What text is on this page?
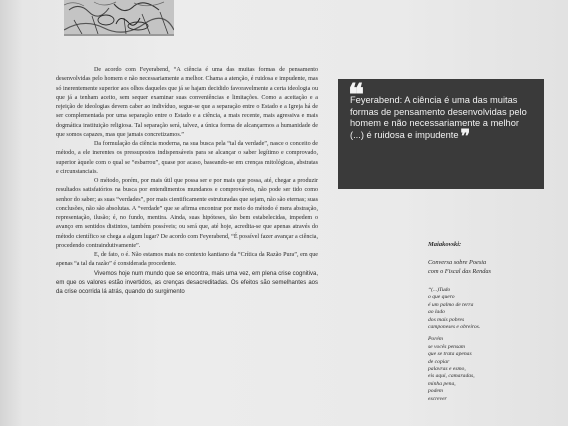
De acordo com Feyerabend, “A ciência é uma das muitas formas de pensamento desenvolvidas pelo homem e não necessariamente a melhor. Chama a atenção, é ruidosa e impudente, mas só inerentemente superior aos olhos daqueles que já se hajam decidido favoravelmente a certa ideologia ou que já a tenham aceito, sem sequer examinar suas conveniências e limitações. Como a aceitação e a rejeição de ideologias devem caber ao indivíduo, segue-se que a separação entre o Estado e a Igreja há de ser complementada por uma separação entre o Estado e a ciência, a mais recente, mais agressiva e mais dogmática instituição religiosa. Tal separação será, talvez, a única forma de alcançarmos a humanidade de que somos capazes, mas que jamais concretizamos.”

Da formulação da ciência moderna, na sua busca pela “tal da verdade”, nasce o conceito de método, a ele inerentes os pressupostos indispensáveis para se alcançar o saber legítimo e comprovado, superior àquele com o qual se “esbarrou”, quase por acaso, baseando-se em crenças mitológicas, abstratas e circunstanciais.

O método, porém, por mais útil que possa ser e por mais que possa, até, chegar a produzir resultados satisfatórios na busca por entendimentos mundanos e comprováveis, não pode ser tido como senhor do saber; as suas “verdades”, por mais cientificamente estruturadas que sejam, não são eternas; suas conclusões, não são absolutas. A “verdade” que se afirma encontrar por meio do método é mera abstração, representação, ilusão; é, no fundo, mentira. Ainda, suas hipóteses, tão bem estabelecidas, impedem o avanço em sentidos distintos, também possíveis; ou será que, até hoje, acredita-se que apenas através do método científico se chega a algum lugar? De acordo com Feyerabend, “É possível fazer avançar a ciência, procedendo contraindutivamente”.

E, de fato, o é. Não estamos mais no contexto kantiano da “Crítica da Razão Pura”, em que apenas “a tal da razão” é considerada procedente.

Vivemos hoje num mundo que se encontra, mais uma vez, em plena crise cognitiva, em que os valores estão invertidos, as crenças desacreditadas. Os efeitos são semelhantes aos da crise ocorrida lá atrás, quando do surgimento

❝
Feyerabend: A ciência é uma das muitas formas de pensamento desenvolvidas pelo homem e não necessariamente a melhor (...) é ruidosa e impudente ❞
Maiakovski:
Conversa sobre Poesia
com o Fiscal das Rendas
“(...)Tudo
o que quero
é um palmo de terra
ao lado
dos mais pobres
camponeses e obreiros.
Porém
se vocês pensam
que se trata apenas
de copiar
palavras e esmo,
eis aqui, camaradas,
minha pena,
podem
escrever
